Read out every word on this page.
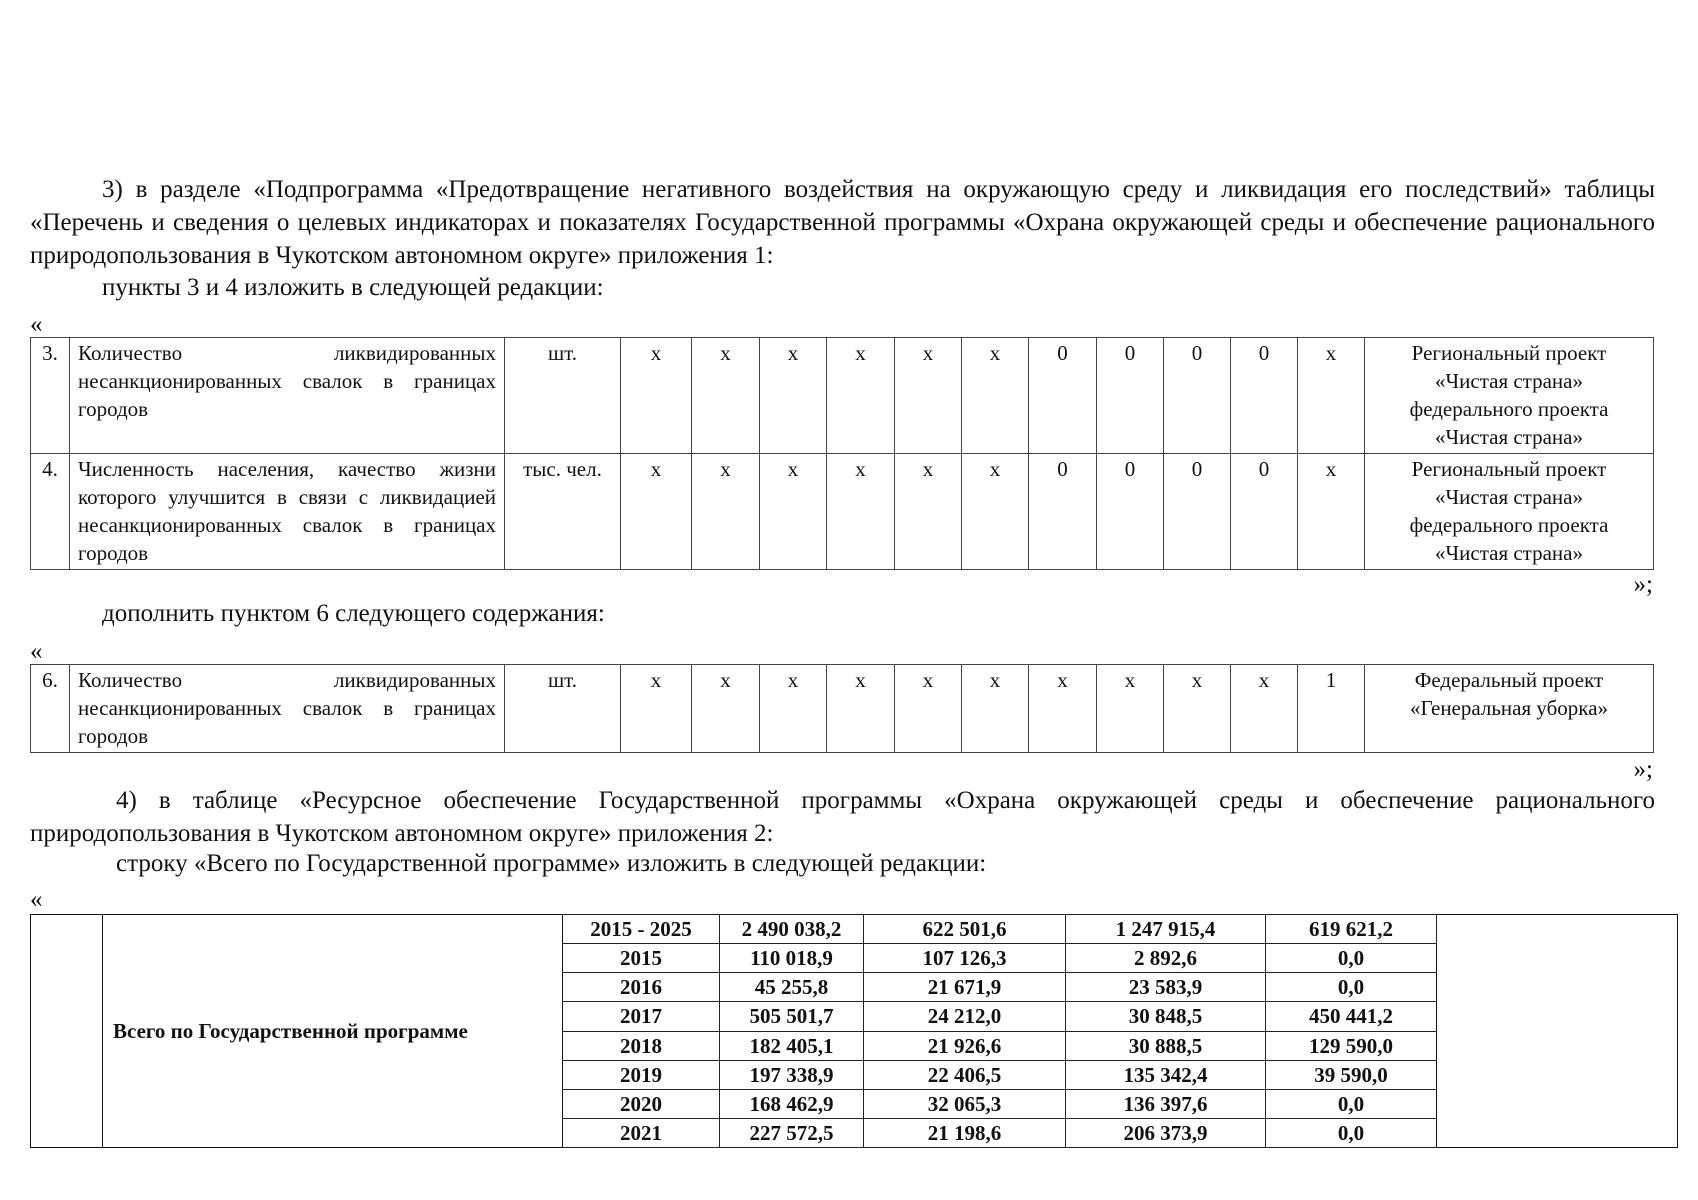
3) в разделе «Подпрограмма «Предотвращение негативного воздействия на окружающую среду и ликвидация его последствий» таблицы «Перечень и сведения о целевых индикаторах и показателях Государственной программы «Охрана окружающей среды и обеспечение рационального природопользования в Чукотском автономном округе» приложения 1:

пункты 3 и 4 изложить в следующей редакции:

«
3.	Количество ликвидированных несанкционированных свалок в границах городов	шт.	х	х	х	х	х	х	0	0	0	0	х	Региональный проект
«Чистая страна»
федерального проекта
«Чистая страна»
4.	Численность населения, качество жизни которого улучшится в связи с ликвидацией несанкционированных свалок в границах городов	тыс. чел.	х	х	х	х	х	х	0	0	0	0	х	Региональный проект
«Чистая страна»
федерального проекта
«Чистая страна»
»;

дополнить пунктом 6 следующего содержания:

«
6.	Количество ликвидированных несанкционированных свалок в границах городов	шт.	х	х	х	х	х	х	х	х	х	х	1	Федеральный проект
«Генеральная уборка»
»;

4) в таблице «Ресурсное обеспечение Государственной программы «Охрана окружающей среды и обеспечение рационального природопользования в Чукотском автономном округе» приложения 2:

строку «Всего по Государственной программе» изложить в следующей редакции:

«
	Всего по Государственной программе	2015 - 2025	2 490 038,2	622 501,6	1 247 915,4	619 621,2	
		2015	110 018,9	107 126,3	2 892,6	0,0	
		2016	45 255,8	21 671,9	23 583,9	0,0	
		2017	505 501,7	24 212,0	30 848,5	450 441,2	
		2018	182 405,1	21 926,6	30 888,5	129 590,0	
		2019	197 338,9	22 406,5	135 342,4	39 590,0	
		2020	168 462,9	32 065,3	136 397,6	0,0	
		2021	227 572,5	21 198,6	206 373,9	0,0	
